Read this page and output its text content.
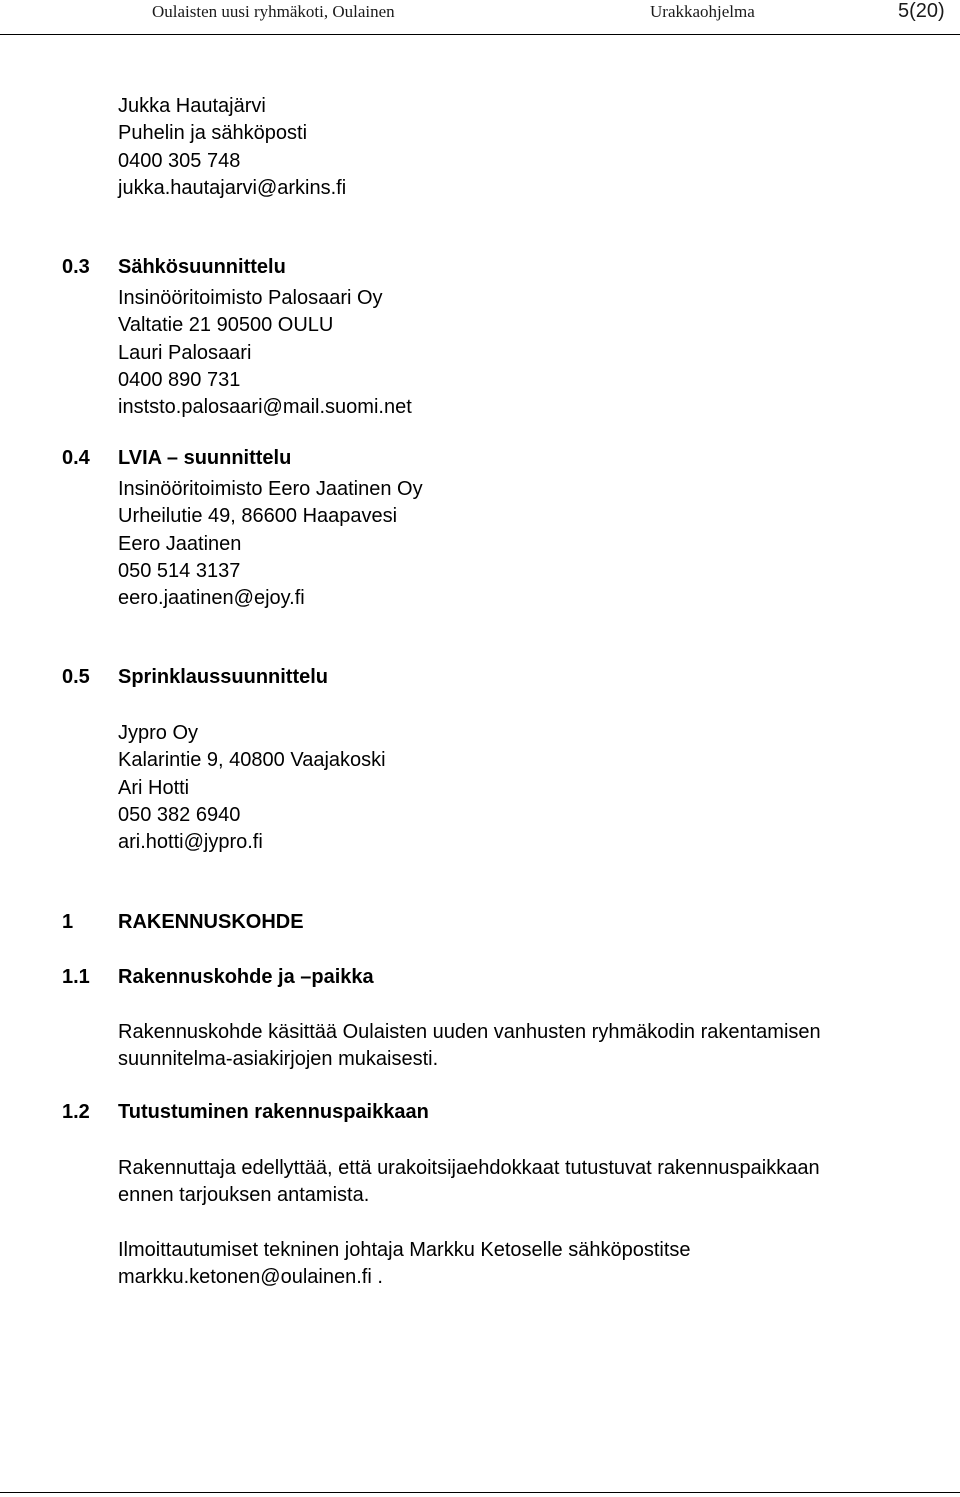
Oulaisten uusi ryhmäkoti, Oulainen	Urakkaohjelma	5(20)
Jukka Hautajärvi
Puhelin ja sähköposti
0400 305 748
jukka.hautajarvi@arkins.fi
0.3 Sähkösuunnittelu
Insinööritoimisto Palosaari Oy
Valtatie 21 90500 OULU
Lauri Palosaari
0400 890 731
inststo.palosaari@mail.suomi.net
0.4 LVIA – suunnittelu
Insinööritoimisto Eero Jaatinen Oy
Urheilutie 49, 86600 Haapavesi
Eero Jaatinen
050 514 3137
eero.jaatinen@ejoy.fi
0.5 Sprinklaussuunnittelu
Jypro Oy
Kalarintie 9, 40800 Vaajakoski
Ari Hotti
050 382 6940
ari.hotti@jypro.fi
1 RAKENNUSKOHDE
1.1 Rakennuskohde ja –paikka
Rakennuskohde käsittää Oulaisten uuden vanhusten ryhmäkodin rakentamisen
suunnitelma-asiakirjojen mukaisesti.
1.2 Tutustuminen rakennuspaikkaan
Rakennuttaja edellyttää, että urakoitsijaehdokkaat tutustuvat rakennuspaikkaan
ennen tarjouksen antamista.
Ilmoittautumiset tekninen johtaja Markku Ketoselle sähköpostitse
markku.ketonen@oulainen.fi .
